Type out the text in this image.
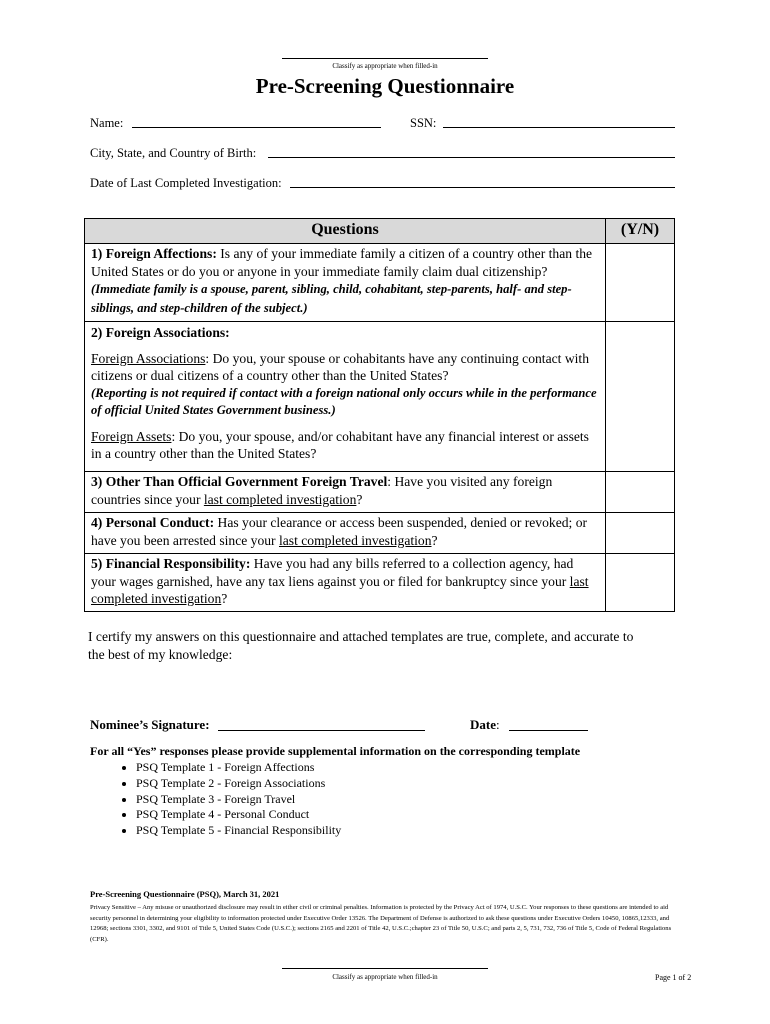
Classify as appropriate when filled-in
Pre-Screening Questionnaire
Name:	SSN:
City, State, and Country of Birth:
Date of Last Completed Investigation:
Questions	(Y/N)
1) Foreign Affections: Is any of your immediate family a citizen of a country other than the United States or do you or anyone in your immediate family claim dual citizenship? (Immediate family is a spouse, parent, sibling, child, cohabitant, step-parents, half- and step-siblings, and step-children of the subject.)	

2) Foreign Associations:
Foreign Associations: Do you, your spouse or cohabitants have any continuing contact with citizens or dual citizens of a country other than the United States?
(Reporting is not required if contact with a foreign national only occurs while in the performance of official United States Government business.)
Foreign Assets: Do you, your spouse, and/or cohabitant have any financial interest or assets in a country other than the United States?	

3) Other Than Official Government Foreign Travel: Have you visited any foreign countries since your last completed investigation?	
4) Personal Conduct: Has your clearance or access been suspended, denied or revoked; or have you been arrested since your last completed investigation?	
5) Financial Responsibility: Have you had any bills referred to a collection agency, had your wages garnished, have any tax liens against you or filed for bankruptcy since your last completed investigation?	
I certify my answers on this questionnaire and attached templates are true, complete, and accurate to the best of my knowledge:
Nominee’s Signature:	Date:
For all “Yes” responses please provide supplemental information on the corresponding template
• PSQ Template 1 - Foreign Affections
• PSQ Template 2 - Foreign Associations
• PSQ Template 3 - Foreign Travel
• PSQ Template 4 - Personal Conduct
• PSQ Template 5 - Financial Responsibility
Pre-Screening Questionnaire (PSQ), March 31, 2021
Privacy Sensitive – Any misuse or unauthorized disclosure may result in either civil or criminal penalties. Information is protected by the Privacy Act of 1974, U.S.C. Your responses to these questions are intended to aid security personnel in determining your eligibility to information protected under Executive Order 13526. The Department of Defense is authorized to ask these questions under Executive Orders 10450, 10865,12333, and 12968; sections 3301, 3302, and 9101 of Title 5, United States Code (U.S.C.); sections 2165 and 2201 of Title 42, U.S.C.;chapter 23 of Title 50, U.S.C; and parts 2, 5, 731, 732, 736 of Title 5, Code of Federal Regulations (CFR).
Classify as appropriate when filled-in	Page 1 of 2
